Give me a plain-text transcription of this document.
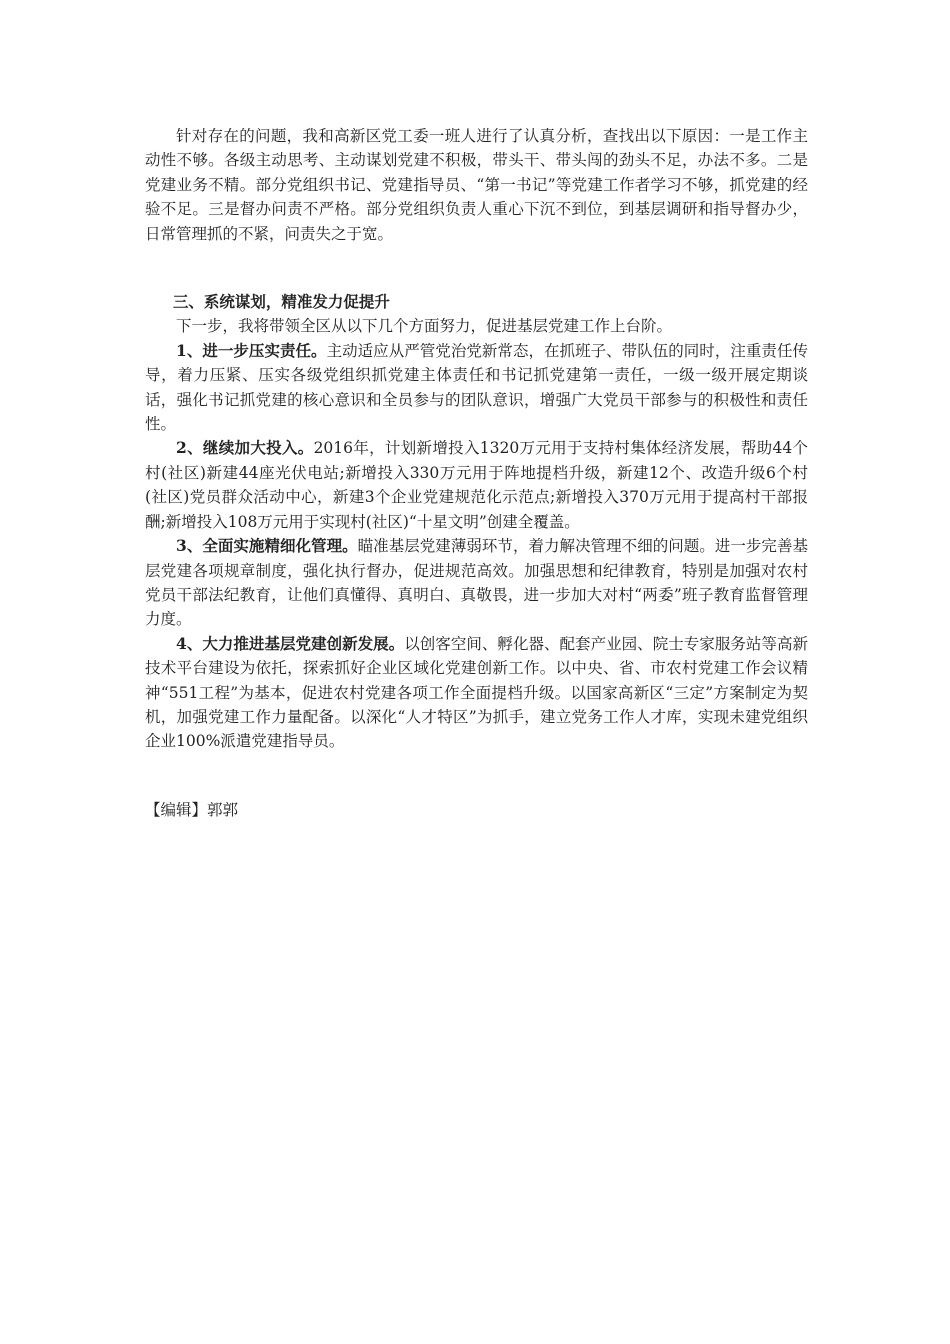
针对存在的问题，我和高新区党工委一班人进行了认真分析，查找出以下原因：一是工作主动性不够。各级主动思考、主动谋划党建不积极，带头干、带头闯的劲头不足，办法不多。二是党建业务不精。部分党组织书记、党建指导员、“第一书记”等党建工作者学习不够，抓党建的经验不足。三是督办问责不严格。部分党组织负责人重心下沉不到位，到基层调研和指导督办少，日常管理抓的不紧，问责失之于宽。

三、系统谋划，精准发力促提升

下一步，我将带领全区从以下几个方面努力，促进基层党建工作上台阶。

1、进一步压实责任。主动适应从严管党治党新常态，在抓班子、带队伍的同时，注重责任传导，着力压紧、压实各级党组织抓党建主体责任和书记抓党建第一责任，一级一级开展定期谈话，强化书记抓党建的核心意识和全员参与的团队意识，增强广大党员干部参与的积极性和责任性。

2、继续加大投入。2016年，计划新增投入1320万元用于支持村集体经济发展，帮助44个村(社区)新建44座光伏电站;新增投入330万元用于阵地提档升级，新建12个、改造升级6个村 (社区)党员群众活动中心，新建3个企业党建规范化示范点;新增投入370万元用于提高村干部报酬;新增投入108万元用于实现村(社区)“十星文明”创建全覆盖。

3、全面实施精细化管理。瞄准基层党建薄弱环节，着力解决管理不细的问题。进一步完善基层党建各项规章制度，强化执行督办，促进规范高效。加强思想和纪律教育，特别是加强对农村党员干部法纪教育，让他们真懂得、真明白、真敬畏，进一步加大对村“两委”班子教育监督管理力度。

4、大力推进基层党建创新发展。以创客空间、孵化器、配套产业园、院士专家服务站等高新技术平台建设为依托，探索抓好企业区域化党建创新工作。以中央、省、市农村党建工作会议精神“551工程”为基本，促进农村党建各项工作全面提档升级。以国家高新区“三定”方案制定为契机，加强党建工作力量配备。以深化“人才特区”为抓手，建立党务工作人才库，实现未建党组织企业100%派遣党建指导员。

【编辑】郭郭
